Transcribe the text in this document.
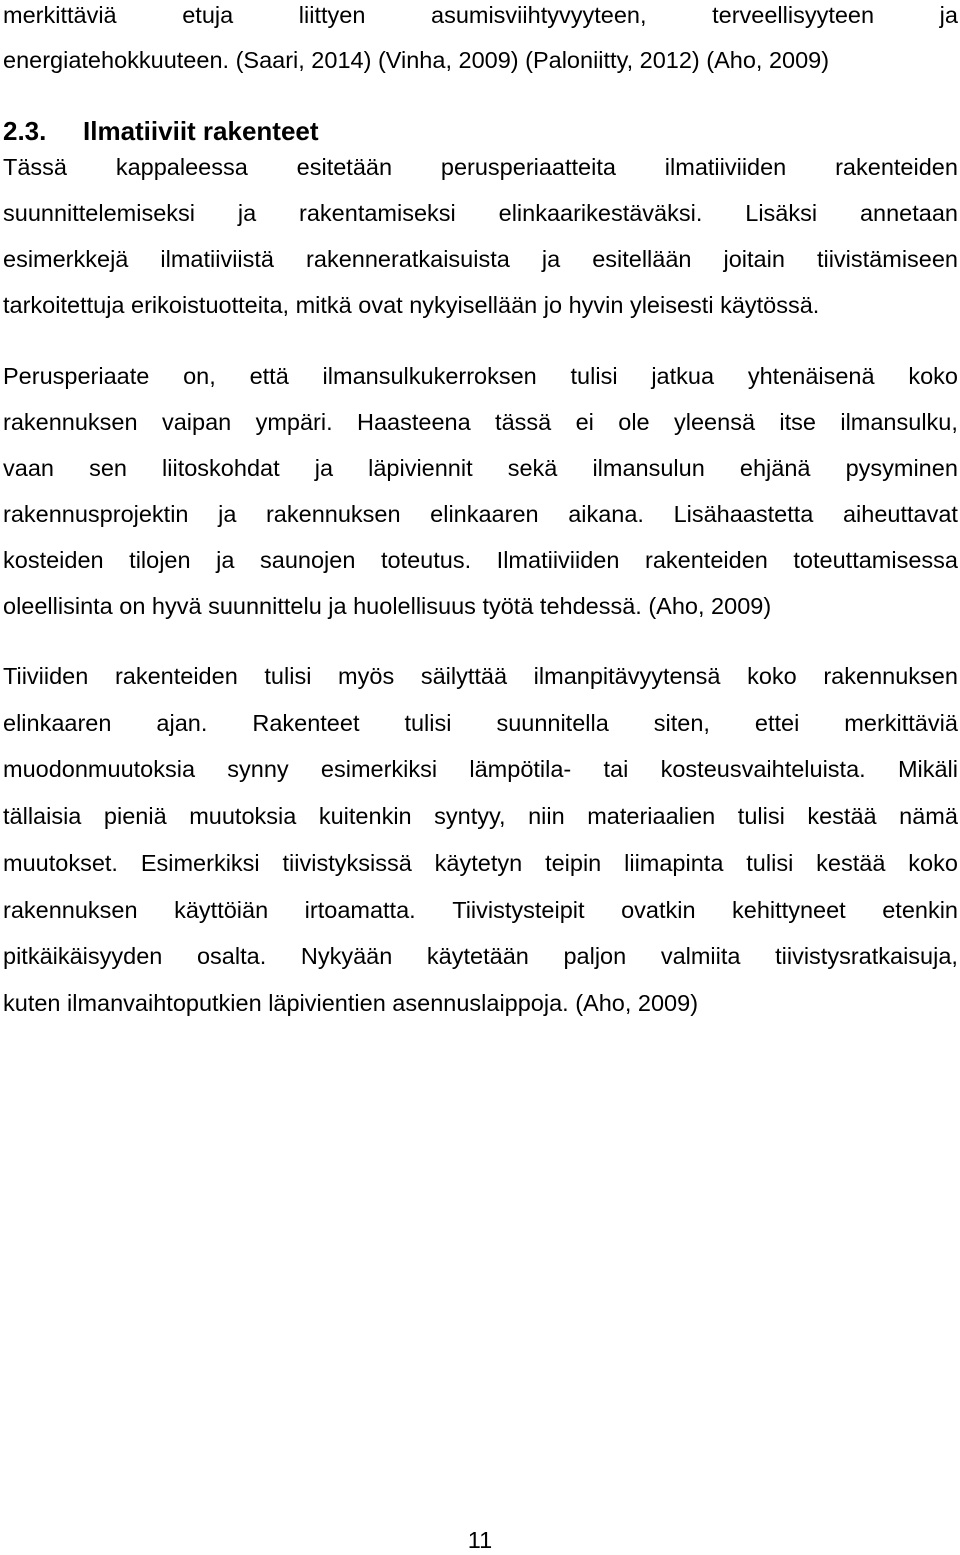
merkittäviä	etuja	liittyen	asumisviihtyvyyteen,	terveellisyyteen	ja
energiatehokkuuteen. (Saari, 2014) (Vinha, 2009) (Paloniitty, 2012) (Aho, 2009)
2.3. Ilmatiiviit rakenteet
Tässä kappaleessa esitetään perusperiaatteita ilmatiiviiden rakenteiden
suunnittelemiseksi ja rakentamiseksi elinkaarikestäväksi. Lisäksi annetaan
esimerkkejä ilmatiiviistä rakenneratkaisuista ja esitellään joitain tiivistämiseen
tarkoitettuja erikoistuotteita, mitkä ovat nykyisellään jo hyvin yleisesti käytössä.
Perusperiaate on, että ilmansulkukerroksen tulisi jatkua yhtenäisenä koko
rakennuksen vaipan ympäri. Haasteena tässä ei ole yleensä itse ilmansulku,
vaan sen liitoskohdat ja läpiviennit sekä ilmansulun ehjänä pysyminen
rakennusprojektin ja rakennuksen elinkaaren aikana. Lisähaastetta aiheuttavat
kosteiden tilojen ja saunojen toteutus. Ilmatiiviiden rakenteiden toteuttamisessa
oleellisinta on hyvä suunnittelu ja huolellisuus työtä tehdessä. (Aho, 2009)
Tiiviiden rakenteiden tulisi myös säilyttää ilmanpitävyytensä koko rakennuksen
elinkaaren ajan. Rakenteet tulisi suunnitella siten, ettei merkittäviä
muodonmuutoksia synny esimerkiksi lämpötila- tai kosteusvaihteluista. Mikäli
tällaisia pieniä muutoksia kuitenkin syntyy, niin materiaalien tulisi kestää nämä
muutokset. Esimerkiksi tiivistyksissä käytetyn teipin liimapinta tulisi kestää koko
rakennuksen käyttöiän irtoamatta. Tiivistysteipit ovatkin kehittyneet etenkin
pitkäikäisyyden osalta. Nykyään käytetään paljon valmiita tiivistysratkaisuja,
kuten ilmanvaihtoputkien läpivientien asennuslaippoja. (Aho, 2009)
11
